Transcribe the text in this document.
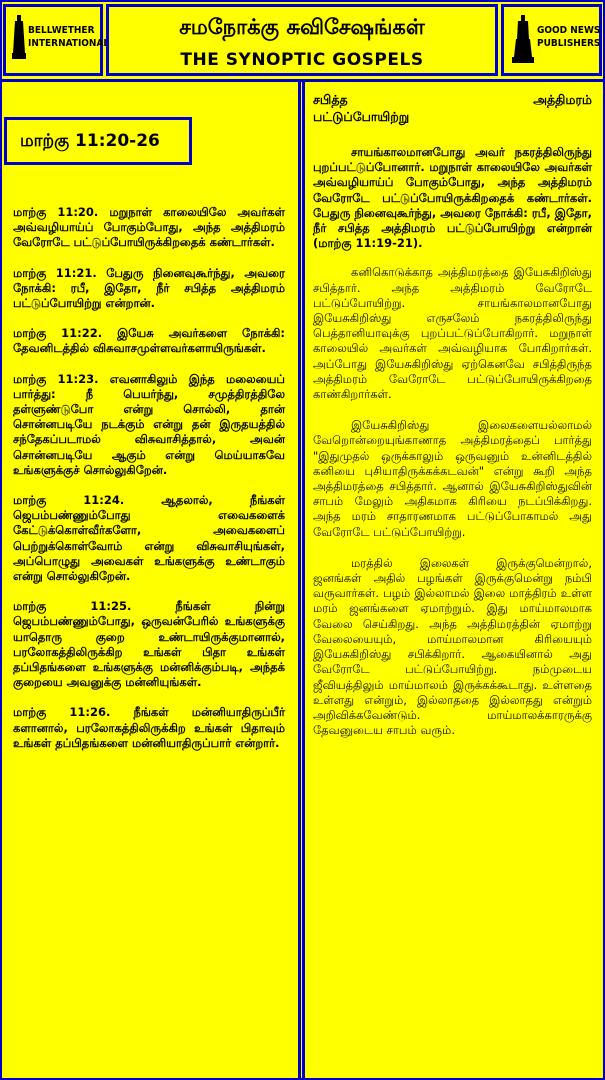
BELLWETHER
INTERNATIONAL
சமநோக்கு சுவிசேஷங்கள்
THE SYNOPTIC GOSPELS
GOOD NEWS
PUBLISHERS
மாற்கு 11:20-26

மாற்கு 11:20. மறுநாள் காலையிலே அவர்கள் அவ்வழியாய்ப் போகும்போது, அந்த அத்திமரம் வேரோடே பட்டுப்போயிருக்கிறதைக் கண்டார்கள்.

மாற்கு 11:21. பேதுரு நினைவுகூர்ந்து, அவரை நோக்கி: ரபீ, இதோ, நீர் சபித்த அத்திமரம் பட்டுப்போயிற்று என்றான்.

மாற்கு 11:22. இயேசு அவர்களை நோக்கி: தேவனிடத்தில் விசுவாசமுள்ளவர்களாயிருங்கள்.

மாற்கு 11:23. எவனாகிலும் இந்த மலையைப் பார்த்து: நீ பெயர்ந்து, சமுத்திரத்திலே தள்ளுண்டுபோ என்று சொல்லி, தான் சொன்னபடியே நடக்கும் என்று தன் இருதயத்தில் சந்தேகப்படாமல் விசுவாசித்தால், அவன் சொன்னபடியே ஆகும் என்று மெய்யாகவே உங்களுக்குச் சொல்லுகிறேன்.

மாற்கு 11:24. ஆதலால், நீங்கள் ஜெபம்பண்ணும்போது எவைகளைக் கேட்டுக்கொள்வீர்களோ, அவைகளைப் பெற்றுக்கொள்வோம் என்று விசுவாசியுங்கள், அப்பொழுது அவைகள் உங்களுக்கு உண்டாகும் என்று சொல்லுகிறேன்.

மாற்கு 11:25. நீங்கள் நின்று ஜெபம்பண்ணும்போது, ஒருவன்பேரில் உங்களுக்கு யாதொரு குறை உண்டாயிருக்குமானால், பரலோகத்திலிருக்கிற உங்கள் பிதா உங்கள் தப்பிதங்களை உங்களுக்கு மன்னிக்கும்படி, அந்தக் குறையை அவனுக்கு மன்னியுங்கள்.

மாற்கு 11:26. நீங்கள் மன்னியாதிருப்பீர் களானால், பரலோகத்திலிருக்கிற உங்கள் பிதாவும் உங்கள் தப்பிதங்களை மன்னியாதிருப்பார் என்றார்.

சபித்த	அத்திமரம்

பட்டுப்போயிற்று

சாயங்காலமானபோது அவர் நகரத்திலிருந்து புறப்பட்டுப்போனார். மறுநாள் காலையிலே அவர்கள் அவ்வழியாய்ப் போகும்போது, அந்த அத்திமரம் வேரோடே பட்டுப்போயிருக்கிறதைக் கண்டார்கள். பேதுரு நினைவுகூர்ந்து, அவரை நோக்கி: ரபீ, இதோ, நீர் சபித்த அத்திமரம் பட்டுப்போயிற்று என்றான் (மாற்கு 11:19-21).

கனிகொடுக்காத அத்திமரத்தை இயேசுகிறிஸ்து சபித்தார். அந்த அத்திமரம் வேரோடே பட்டுப்போயிற்று. சாயங்காலமானபோது இயேசுகிறிஸ்து எருசலேம் நகரத்திலிருந்து பெத்தானியாவுக்கு புறப்பட்டுப்போகிறார். மறுநாள் காலையில் அவர்கள் அவ்வழியாக போகிறார்கள். அப்போது இயேசுகிறிஸ்து ஏற்கெனவே சபித்திருந்த அத்திமரம் வேரோடே பட்டுப்போயிருக்கிறதை காண்கிறார்கள்.

இயேசுகிறிஸ்து இலைகளையல்லாமல் வேறொன்றையுங்காணாத அத்திமரத்தைப் பார்த்து "இதுமுதல் ஒருக்காலும் ஒருவனும் உன்னிடத்தில் கனியை புசியாதிருக்கக்கடவன்" என்று கூறி அந்த அத்திமரத்தை சபித்தார். ஆனால் இயேசுகிறிஸ்துவின் சாபம் மேலும் அதிகமாக கிரியை நடப்பிக்கிறது. அந்த மரம் சாதாரணமாக பட்டுப்போகாமல் அது வேரோடே பட்டுப்போயிற்று.

மரத்தில் இலைகள் இருக்குமென்றால், ஜனங்கள் அதில் பழங்கள் இருக்குமென்று நம்பி வருவார்கள். பழம் இல்லாமல் இலை மாத்திரம் உள்ள மரம் ஜனங்களை ஏமாற்றும். இது மாய்மாலமாக வேலை செய்கிறது. அந்த அத்திமரத்தின் ஏமாற்று வேலையையும், மாய்மாலமான கிரியையும் இயேசுகிறிஸ்து சபிக்கிறார். ஆகையினால் அது வேரோடே பட்டுப்போயிற்று. நம்முடைய ஜீவியத்திலும் மாய்மாலம் இருக்கக்கூடாது. உள்ளதை உள்ளது என்றும், இல்லாததை இல்லாதது என்றும் அறிவிக்கவேண்டும். மாய்மாலக்காரருக்கு தேவனுடைய சாபம் வரும்.
